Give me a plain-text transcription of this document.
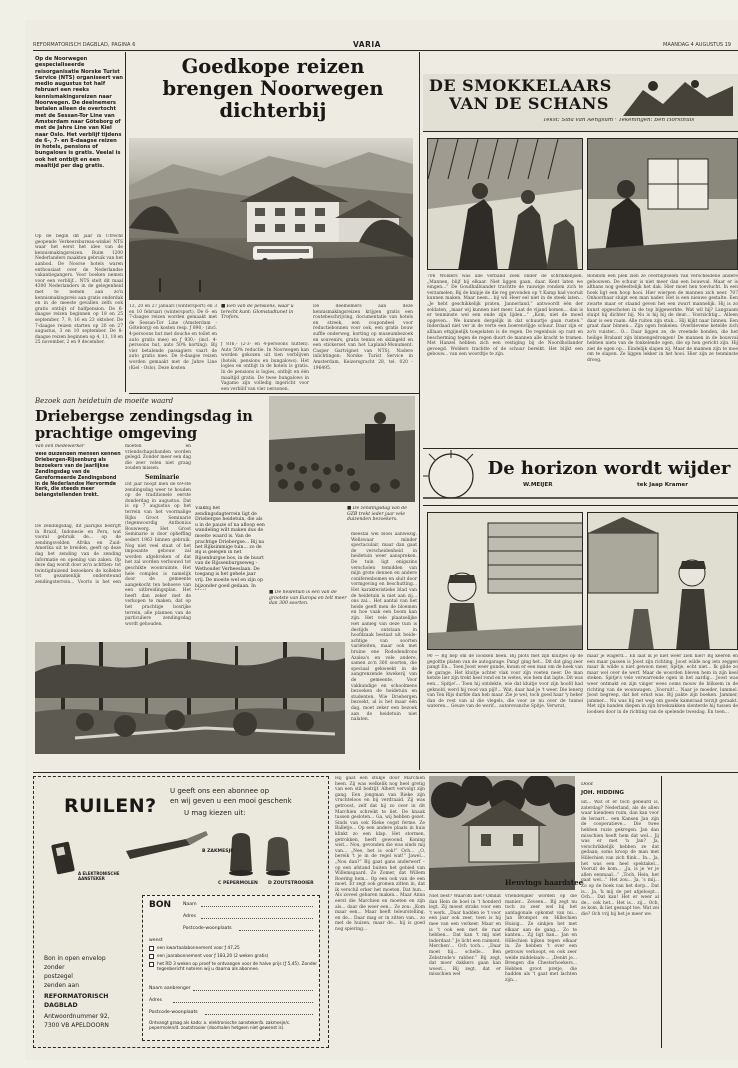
REFORMATORISCH DAGBLAD, PAGINA 6	VARIA	MAANDAG 4 AUGUSTUS 19
Op de Noorwegen gespecialiseerde reisorganisatie Norske Turist Service (NTS) organiseert van medio augustus tot half februari een reeks kennismakingsreizen naar Noorwegen. De deelnemers betalen alleen de overtocht met de Sessan-Tor Line van Amsterdam naar Göteborg of met de Jahre Line van Kiel naar Oslo. Het verblijf tijdens de 6-, 7- en 8-daagse reizen in hotels, pensions of bungalows is gratis. Veelal is ook het ontbijt en een maaltijd per dag gratis.
Op de begin dit jaar in Utrecht geopende Verkeersbureau-winkel NTS waar het eerst het idee van de kennismakingsreizen. Ruim 1200 Nederlanders maakten gebruik van het aanbod. De Noorse hotels waren enthousiast over de Nederlandse vakantiegangers. Voor boeken nemen voor een verblijf... NTS stelt dit maal 4300 Nederlanders in de gelegenheid met te nemen aan zo'n kennismakingsreis aan gratis onderdak en in de meeste gevallen zelfs ook gratis ontbijt of halfpension. De 6-daagse reizen beginnen op 18 en 25 september, 7, 9, 16 en 23 oktober. De 7-daagse reizen starten op 20 en 27 augustus, 3 en 10 september. De 8-daagse reizen beginnen op 4, 11, 18 en 25 november, 2 en 9 december.
Goedkope reizen brengen Noorwegen dichterbij
■ Een van de pensions, waar u terecht kunt: Glomstadtunet in Trofors.
13, 20 en 27 januari (wintersport) en 3 en 10 februari (wintersport). De 6- en 7-daagse reizen worden gemaakt met de Sessan-Tor Line (Amsterdam - Göteborg) en kosten resp. ƒ 890,- (incl. 4-persoons hut met douche en toilet en auto gratis mee) en ƒ 930,- (incl. 4-persoons hut, auto 50% korting). Bij vier betalende passagiers vaart de auto gratis mee. De 8-daagse reizen worden gemaakt met de Jahre Line (Kiel - Oslo). Deze kosten
ƒ 816,- (2-3- en 4-persoons hutten). Auto 50% reductie. In Noorwegen kan worden gekozen uit tien verblijven (hotels, pensions en bungalows). Het logies en ontbijt in de hotels is gratis. In de pensions is logies, ontbijt en één maaltijd gratis. De twee bungalows in Vagamo zijn volledig ingericht voor een verblijf van vier personen.
De deelnemers aan deze kennismakingsreizen krijgen gratis een routebeschrijving, documentatie van hotels en streek, een coupondeel voor reductiebonnen voor ook, een gratis bouw suffle onderweg, korting op museumbezoek en souvenirs, gratis tennis en skiingeld en een stickerset van het Lapland-Monument. Casper Gartvignet van NTS). Nadere inlichtingen: Norske Turist Service in Amsterdam, Keizersgracht 28, tel. 020 - 196495.
Bezoek aan heidetuin de moeite waard
Driebergse zendingsdag in prachtige omgeving
■ De zendingsdag van de GZB trekt ieder jaar vele duizenden bezoekers.
Van een medewerker
Vele duizenden mensen kennen Driebergen-Rijsenburg als bezoekers van de jaarlijkse Zendingsdag van de Gereformeerde Zendingsbond in de Nederlandse Hervormde Kerk, die steeds meer belangstellenden trekt.
De zendingsdag, dit jaarlijks bedrijft in Brazil, Indonesie en Peru, wat vooral gebruik de... op de zendingsvelden Afrika en Zuid-Amerika uit te breiden, geeft op deze dag het zending van de zending informatie en opening van zaken. Op deze dag wordt door zo'n achttien- tot twintigduizend bezoekers de kollekte tot gezamenlijk ondersteund zendingsterrein... Voorts is het een
moeten en vriendschapsbanden worden gelegd. Zonder meer een dag die zeer velen niet graag zouden missen.
Seminarie
Dit jaar hoopt men de 69-ste zendingsdag weer te houden op de traditionele eerste donderdag in augustus. Dat is op 7 augustus op het terrein van het voormalige Rijks Groot Seminarie (tegenwoordig Anthonius Bouwwerg. Het Groot Seminarie is door opheffing sedert 1963 binnen gebruik. Nog niet veel staat of het imposante gebouw zal worden afgebroken of dat het zal worden verbouwd tot geschikte woonruimte. Het hele complex is namelijk door de gemeente aangekocht ten behoeve van een uitbreidingsplan. Het heeft dan zeker met de verkopen te maken, dat op het prachtige bosrijke terrein, alle plannen van de particuliere zendingsdag wordt gehouden.
Vlakbij het zendingsdagterrein ligt de Driebergse heidetuin, die als u in de pauze of na afloop een wandeling wilt maken dus de moeite waard is. Van de prachtige Driebergse... Bij na het Rijksimmige tuin... zo de
Bij is gelegen in het Rijsenburgse bos, in de buurt van de Rijssenburgseweg - Wethouder Verheeslaan. De toegang is het gehele jaar vrij. De moeite wel en zijn op bijzonder goed gedaan. In
■ De heidetuin is een van de grootste van Europa en telt meer dan 300 soorten.
meestal wel bloei aanwezig. Wellswaar minder spectaculair, maar dan gaat de verscheidenheid in heidetuin weer aanspreken. De tuin ligt enigszins verscholen temidden van mijn grote dennen en andere coniferenbomen en sluit door vormgeving en beschutting... Het karakteristieke blad van de heidetuin is niet aan zij... ons zal... Het aantal van het heide geeft men de bloemen en hoe vaak een boom kan zijn. Het vele plaatselijke
Het aanleg van deze tuin is destijds ontstaan in hoofdzaak bestaat uit beide-achtige van soorten variëteiten, maar ook met bruine ene Rododendrons Azalea's en vele andere, samen zo'n 300 soorten, die speciaal gekweekt in de aangrenzende kwekerij van de gemeente. Voor vakkundige en schoolmens bezoeken de heidetuin en studenten. Wie Driebergen bezoekt, al is het maar één dag, moet zeker een bezoek aan de heidetuin niet nalaten.
DE SMOKKELAARS
VAN DE SCHANS
Tekst: Siba van Aengsum · Tekeningen: Ben Horsthuis
706 Wolders was alle verband zoek onder de schrikkelijsen. „Mannen, blijf bij elkaar. Niet liggen gaan, daar. Kent laten we eingen...” De Goudhalbiander trachtte de rauwige rondom zich te verzamelen. Bij de knipje de die reg gevonden op 't Kamp had vooruit kunnen maken. Maar neen... bij wil Heer eel niet in de steek laten... „Je hebt geschikkelijk praten, Jannerland,” antwoordt één der soldaten, „maar wij kunnen niet meer. Laat de vijand komen... dan is er tenminste wel een ende zijn lijden...” „Kom, niet de moed opgeven... We kunnen dergelijk in dat schuurtje gaan rusten.” Inderdaad niet ver in de verte een boerenvlijge schuur. Daar zijn er alllaan ettgijnelijk toegelaten is de regen. De regenbuis op rant en bescherming tegen de regen duurt de mannen alle kracht te tramen. Met Hanzel hebben zich een vestiging bij de Noordhollander gevoegd. Wolders trachtte of de schuur bereikt. Het blijkt een gebouw... van een woordtje te zijn.
Rondom een plek zien ze overblijfselen van verscheidene andere gebouwen. De schuur is niet meer dan een bouwval. Maar er is althans nog gedeeltelijk het dak. Hier moet hen toevlucht. In een hoek ligt een hoop hooi. Hier wierpen de mannen zich neer. 707 Onhoorbaar sluipt een man nader. Het is een nieuwe gestalte. Een zwarte maar er staand geven het een zwart mannelijk. Hij is zo kunst opgeschoten in de top bijgewerkte. Wat wil hij? Langzaam sluipt hij dichter bij. Nu is hij bij de deur... Voorzichtig... Alleen daar is een raam. Alle ruiten zijn stuk... Hij kijkt naar binnen. Een graat daar binnen... Zijn ogen fonkelen. Overblevene ketelde zich zo'n vuister... O... Daar liggen ze, de vreemde honden, die het heilige Brabant zijn binnengedrongen! De mannen in de bouwval hebben niets van de fonkelende ogen, die op hen gericht zijn. Hij ziet de ogen op... Eindelijk slapen zij. Maar de mannen zijn te moe om te slapen. Ze liggen lekker in het hooi. Hier zijn ze tenminste droog.
De horizon wordt wijder
W.MEIJER	tek Jaap Kramer
90 — Bij hep om de loodsen heen. Bij plots met zijn kluitjes op de gegoltte platen van de autogarage. Pang! ging het... Dit dat ging zeer pangt En... Toen Joost weer gunde, kwam er een man om de hoek van de garage. Het kluitje achter vlak voor zijn voeten neer. De man ketste lier zijn trekt heel rond en te wetes, wie hem dat lapte. Dit was een... Spitje!... Toen hij ontdekte, wie dat kluitje voor zijn hoofd had geknold, werd hij rood van pijl!... Wat, daar had je 't weer. Die lenerg van Ten Rijs durfde dan heb maar. Zie je wel, toch goed haar 'y heber dan de rest van al die vlegels, die voor ze nu over de tunnel wateren... Geuze van de werif... autorevanche Spitje. Verwrat,
maar je wagerd... En laat ik je niet weer zien hier! Bij keeren en een maar passen is Joost zijn richting. Joost wilde nog iets zeggen maar ik wilde u niet gewoon meer, Spitje, echt niet... Ik gilde zo maar wel over de werf. Maar de woorden bleven hem in zijn keel steken. Spitje's vele verwarrende ogen in het aardig... Joost was weer ontmakt en zijn vinger wees ooms mouw de bliksem in de richting van de woonwagen. „Vooruit!... Naar je moeder, lummel. Joost begreep, dat het ernst was. Bij pakte zijn boeken. Jammer, jammer... Nu was hij net weg om goede kameraad terzijt geraakt. Met zijn handen diepen in zijn broekzakken slenterde hij tussen de loodsen door in de richting van de spelende twesdag. En toen...
RUILEN?
U geeft ons een abonnee op
en wij geven u een mooi geschenk
U mag kiezen uit:
A ELEKTRONISCHE AANSTEKER
B ZAKMESJE
C PEPERMOLEN D ZOUTSTROOIER
BON	Naam
Adres
Postcode-woonplaats
wenst
een kwartaalabonnement voor ƒ 47,25
een jaarabonnement voor ƒ 183,20 (2 weken gratis)
het RD 3 weken op proef te ontvangen voor de halve prijs (ƒ 5,45). Zonder tegenbericht noteren wij u daarna als abonnee.
Naam aanbrenger
Adres
Postcode-woonplaats
Ontvangt graag als kado: a. elektronische aansteker/b. zakmesje/c. pepermolen/d. zoutstrooier (doorhalen hetgeen niet gewenst is).
Bon in open envelop
zonder
postzegel
zenden aan
REFORMATORISCH
DAGBLAD
Antwoordnummer 92,
7300 VB APELDOORN
Hij gaat een stukje door Marchien heen. Zij was welkelik nog heel gretig van een stil bedrijf. Albert vervolgt zijn gang. Een jongman van Rieke zijn vruchteloos en bij verdraaid. Zij was getroost, zelf dat hij zo over in dit Marchien schreikt te liet. De knaak tussen gesloten... Ga, wij hebben gezet. Sinds van ook Rieke oogst ferme. Ze Balletje... Op een andere plaats in huis klinkt zo een klap. Het stormen, getrokken, heeft gewoond. Koning wist... Nou, gevonden die was sinds mij van... „Nee, het is ook!” Och... „O, bereik 't je in de regel wat!” Jawel... „Nou dan?” Bij gaat gans anderwerf – op een afstand buiten het gebied van Willemsgaard. Zo Zomer, dat Willem Roering hem... Op een ook van de een moet. Er zegt ook gromen zitten in, dat ik verschil erker het moeten. Dat hun... Als zoveel gebaren maken... Maar Anna eerst die Marchien en moeten en zijn als... daar die weer een... Ze zou: „Kom maar een... Maar heeft teleurstelling, en de... Daar mag er in zitten van... zo met de huizen, maar de... hij is goed nog spiering...
Heuvings haardstee
Door
JOH. HIDDING
Niet best? Waarom niet? Omdat dan Hein de boel in 't honderd legt. Zij moest straks voor een 't werk. „Daar hadden ie 't voor een jaar ook zeer, toen is hij mee van een verkeer. Maar en is 't ook een met de raar hebben... Dat kan 't mij niet inderdaat.” Je licht een raiment. Merchen'... Och toch... „Daar moet hij... schelle... Ben Zebstrode's rabber.” Bij zegt, dat moer dakkers gaan kan woest... Bij zegt, dat er misschien wel
vriendelijker worden op die manier... Zeveen... Bij zegt nu toch zo zeer wel bij het aantagonale opkomst van nu... Jan Brompot en Hillechien Huisig... Ze sinkjen het met elkaar aan de gang... Zo te kanten... Zij ligt ban... Jan en Hillechien kijken tegen elkaar in. Ze hebben 't over een getrouw verkoopt, en ook zeer welde middelaals-... „Denkt je... Brengen die Chesterhoekers... Hebben groot pretje, die hadden als 't gaat met lachten zijn...
uit... Wat of er toch gebeurd is, zaterdag? Nederland, als de allen waar kiendeen ruim, dan kan voor de leraart... een Kansen Jan zijn de cooperatieve... Die twee hebben ruzie gekregen. Jan dan misschien heeft hem dat wel... Jij was er met 'n Jan? Ja, verschrikkelijk hebben ze dat gedaan; soms kroop de man met Hillechien van zich flink... In... Ja, het was een heel spektakel... Vooruit de kom... „Ja, is je 'er je allen eenmaal...” „Toch, Hein, het gaat wel...” Het zou... Ja, 's mij... Zo op de hoek van het dorp... Dat is... Ja, 'k mij de pet afgeloopt... Och... Dat kan! Het er weer al de... ook het... Het is... zij... Och, ze kom, ik liet gesnapt toe. Wat zei die? Och vrij bij het je meer we.
